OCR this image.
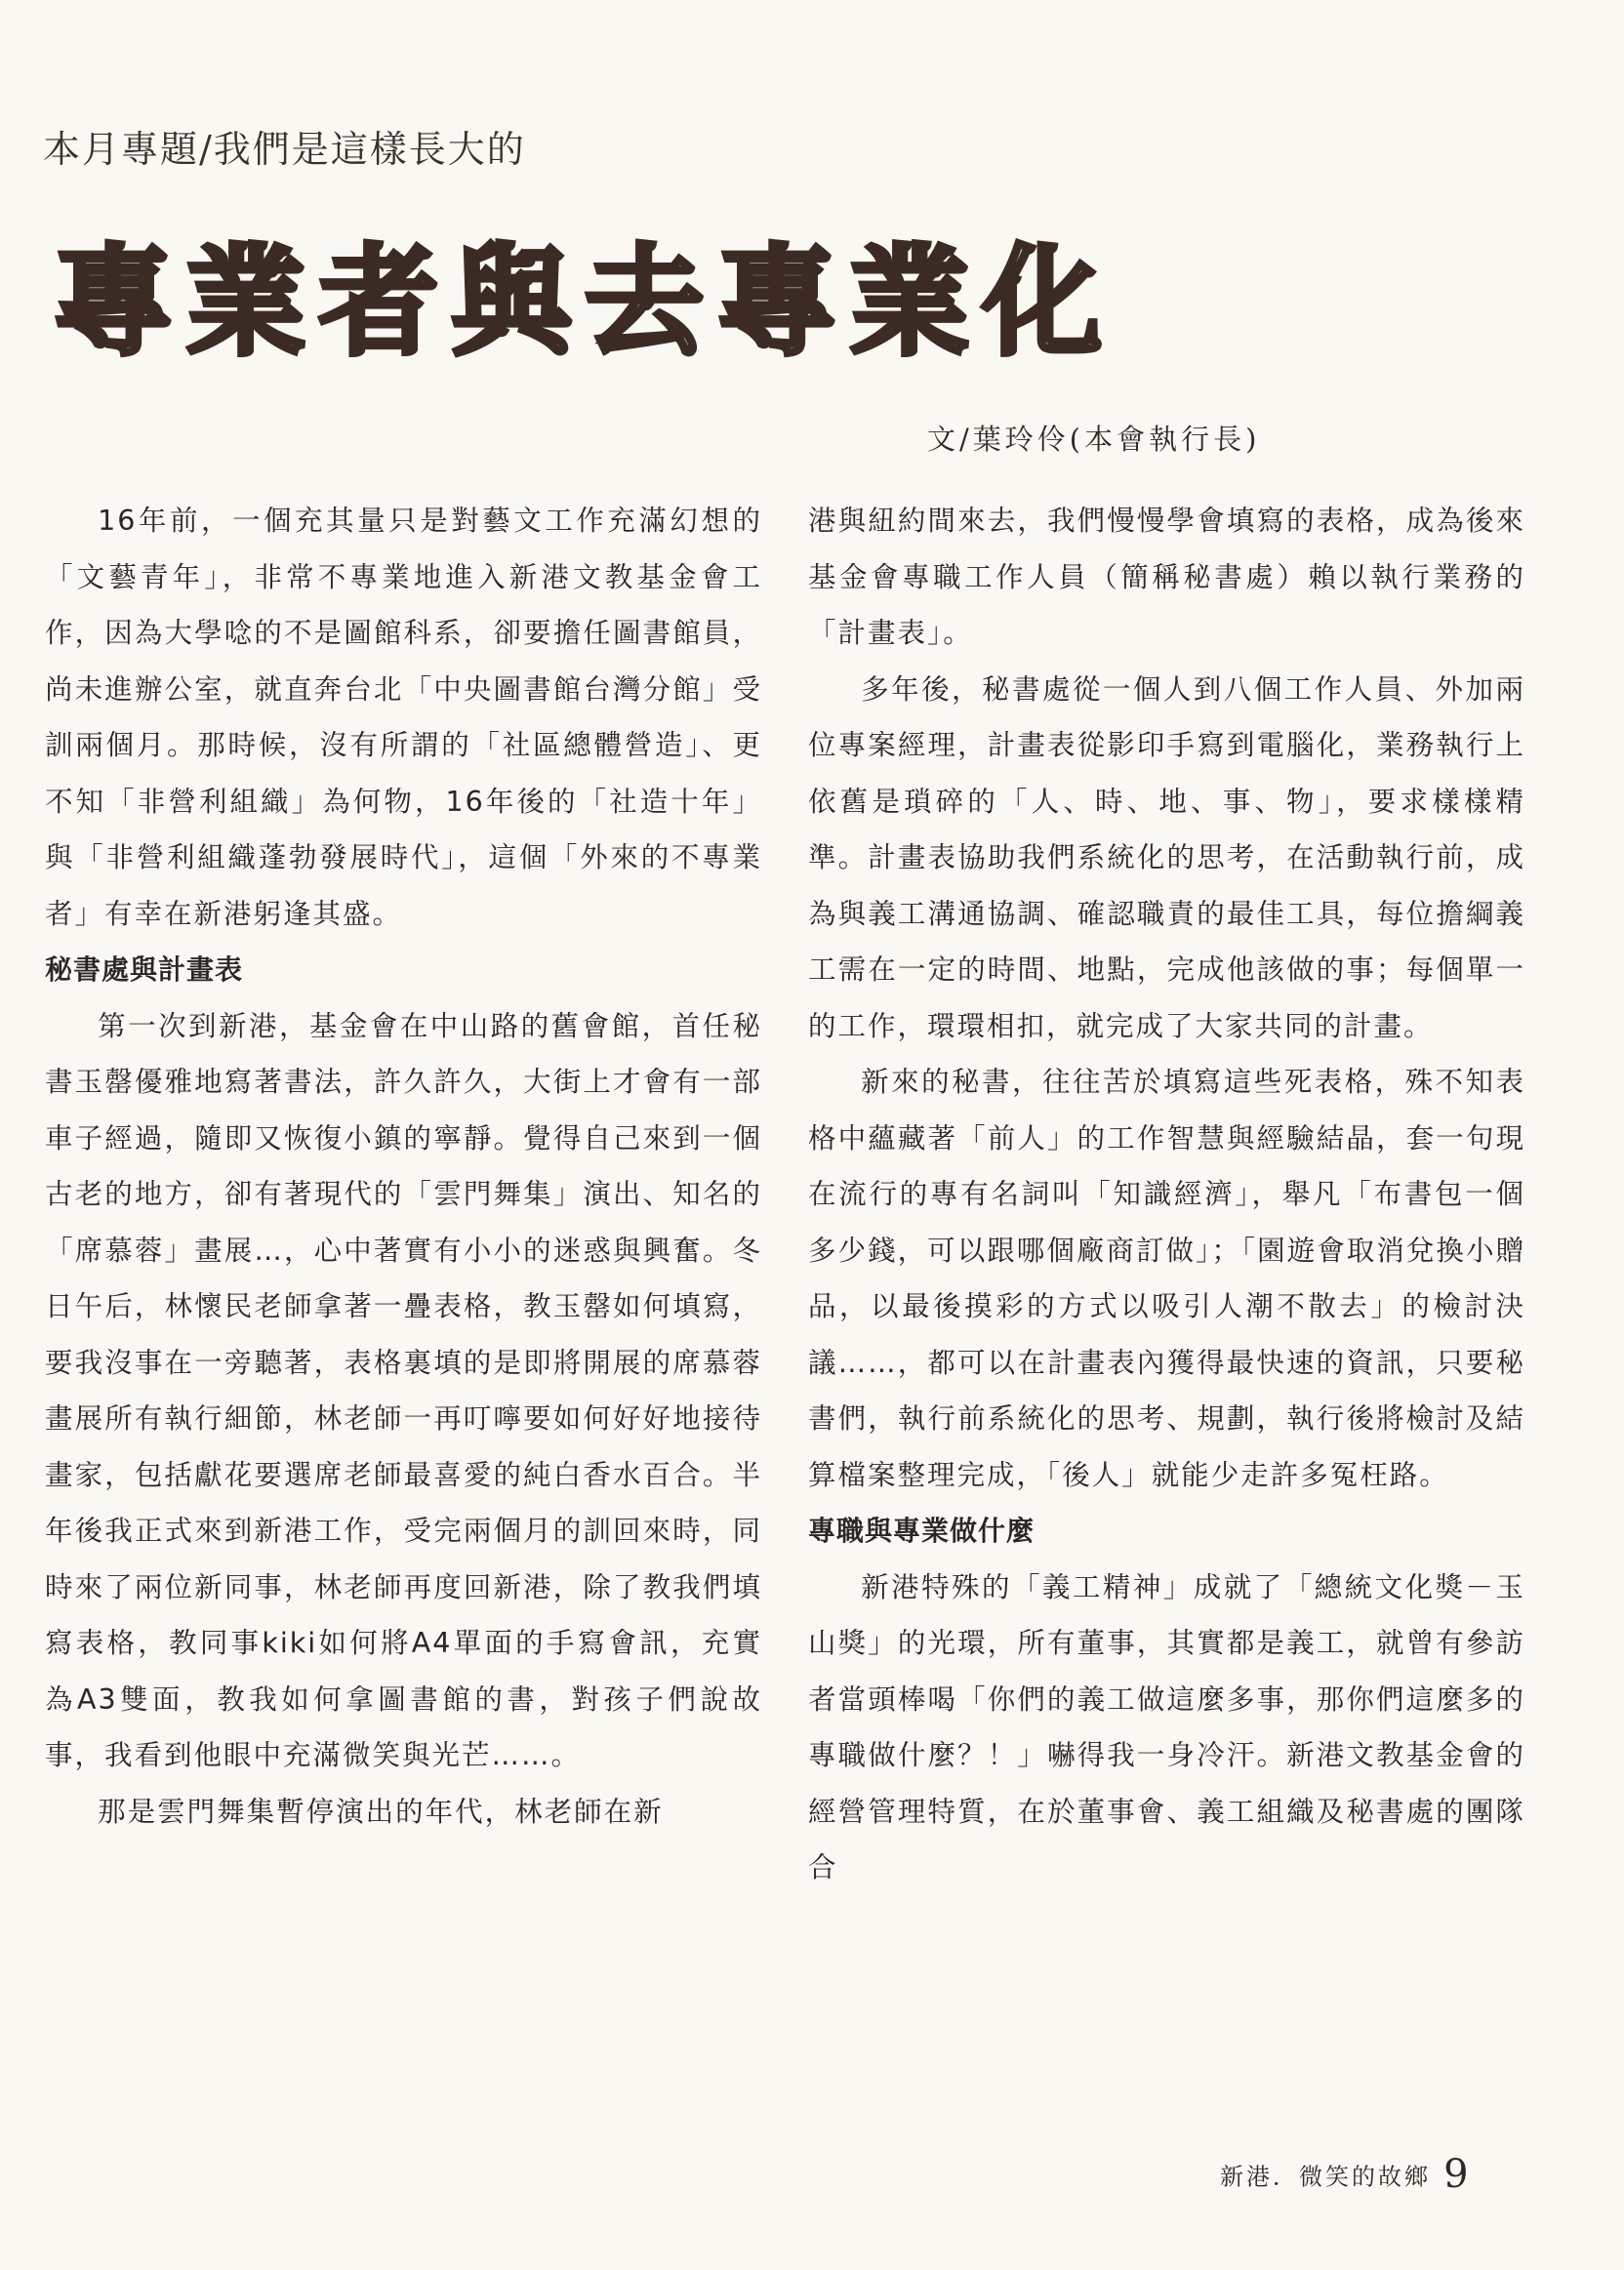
本月專題/我們是這樣長大的
專業者與去專業化
文/葉玲伶(本會執行長)

16年前，一個充其量只是對藝文工作充滿幻想的「文藝青年」，非常不專業地進入新港文教基金會工作，因為大學唸的不是圖館科系，卻要擔任圖書館員，尚未進辦公室，就直奔台北「中央圖書館台灣分館」受訓兩個月。那時候，沒有所謂的「社區總體營造」、更不知「非營利組織」為何物，16年後的「社造十年」與「非營利組織蓬勃發展時代」，這個「外來的不專業者」有幸在新港躬逢其盛。

秘書處與計畫表

第一次到新港，基金會在中山路的舊會館，首任秘書玉罄優雅地寫著書法，許久許久，大街上才會有一部車子經過，隨即又恢復小鎮的寧靜。覺得自己來到一個古老的地方，卻有著現代的「雲門舞集」演出、知名的「席慕蓉」畫展…，心中著實有小小的迷惑與興奮。冬日午后，林懷民老師拿著一疊表格，教玉罄如何填寫，要我沒事在一旁聽著，表格裏填的是即將開展的席慕蓉畫展所有執行細節，林老師一再叮嚀要如何好好地接待畫家，包括獻花要選席老師最喜愛的純白香水百合。半年後我正式來到新港工作，受完兩個月的訓回來時，同時來了兩位新同事，林老師再度回新港，除了教我們填寫表格，教同事kiki如何將A4單面的手寫會訊，充實為A3雙面，教我如何拿圖書館的書，對孩子們說故事，我看到他眼中充滿微笑與光芒……。

那是雲門舞集暫停演出的年代，林老師在新

港與紐約間來去，我們慢慢學會填寫的表格，成為後來基金會專職工作人員（簡稱秘書處）賴以執行業務的「計畫表」。

多年後，秘書處從一個人到八個工作人員、外加兩位專案經理，計畫表從影印手寫到電腦化，業務執行上依舊是瑣碎的「人、時、地、事、物」，要求樣樣精準。計畫表協助我們系統化的思考，在活動執行前，成為與義工溝通協調、確認職責的最佳工具，每位擔綱義工需在一定的時間、地點，完成他該做的事；每個單一的工作，環環相扣，就完成了大家共同的計畫。

新來的秘書，往往苦於填寫這些死表格，殊不知表格中蘊藏著「前人」的工作智慧與經驗結晶，套一句現在流行的專有名詞叫「知識經濟」，舉凡「布書包一個多少錢，可以跟哪個廠商訂做」；「園遊會取消兌換小贈品，以最後摸彩的方式以吸引人潮不散去」的檢討決議……，都可以在計畫表內獲得最快速的資訊，只要秘書們，執行前系統化的思考、規劃，執行後將檢討及結算檔案整理完成，「後人」就能少走許多冤枉路。

專職與專業做什麼

新港特殊的「義工精神」成就了「總統文化獎－玉山獎」的光環，所有董事，其實都是義工，就曾有參訪者當頭棒喝「你們的義工做這麼多事，那你們這麼多的專職做什麼？！」嚇得我一身冷汗。新港文教基金會的經營管理特質，在於董事會、義工組織及秘書處的團隊合

新港．微笑的故鄉 9
